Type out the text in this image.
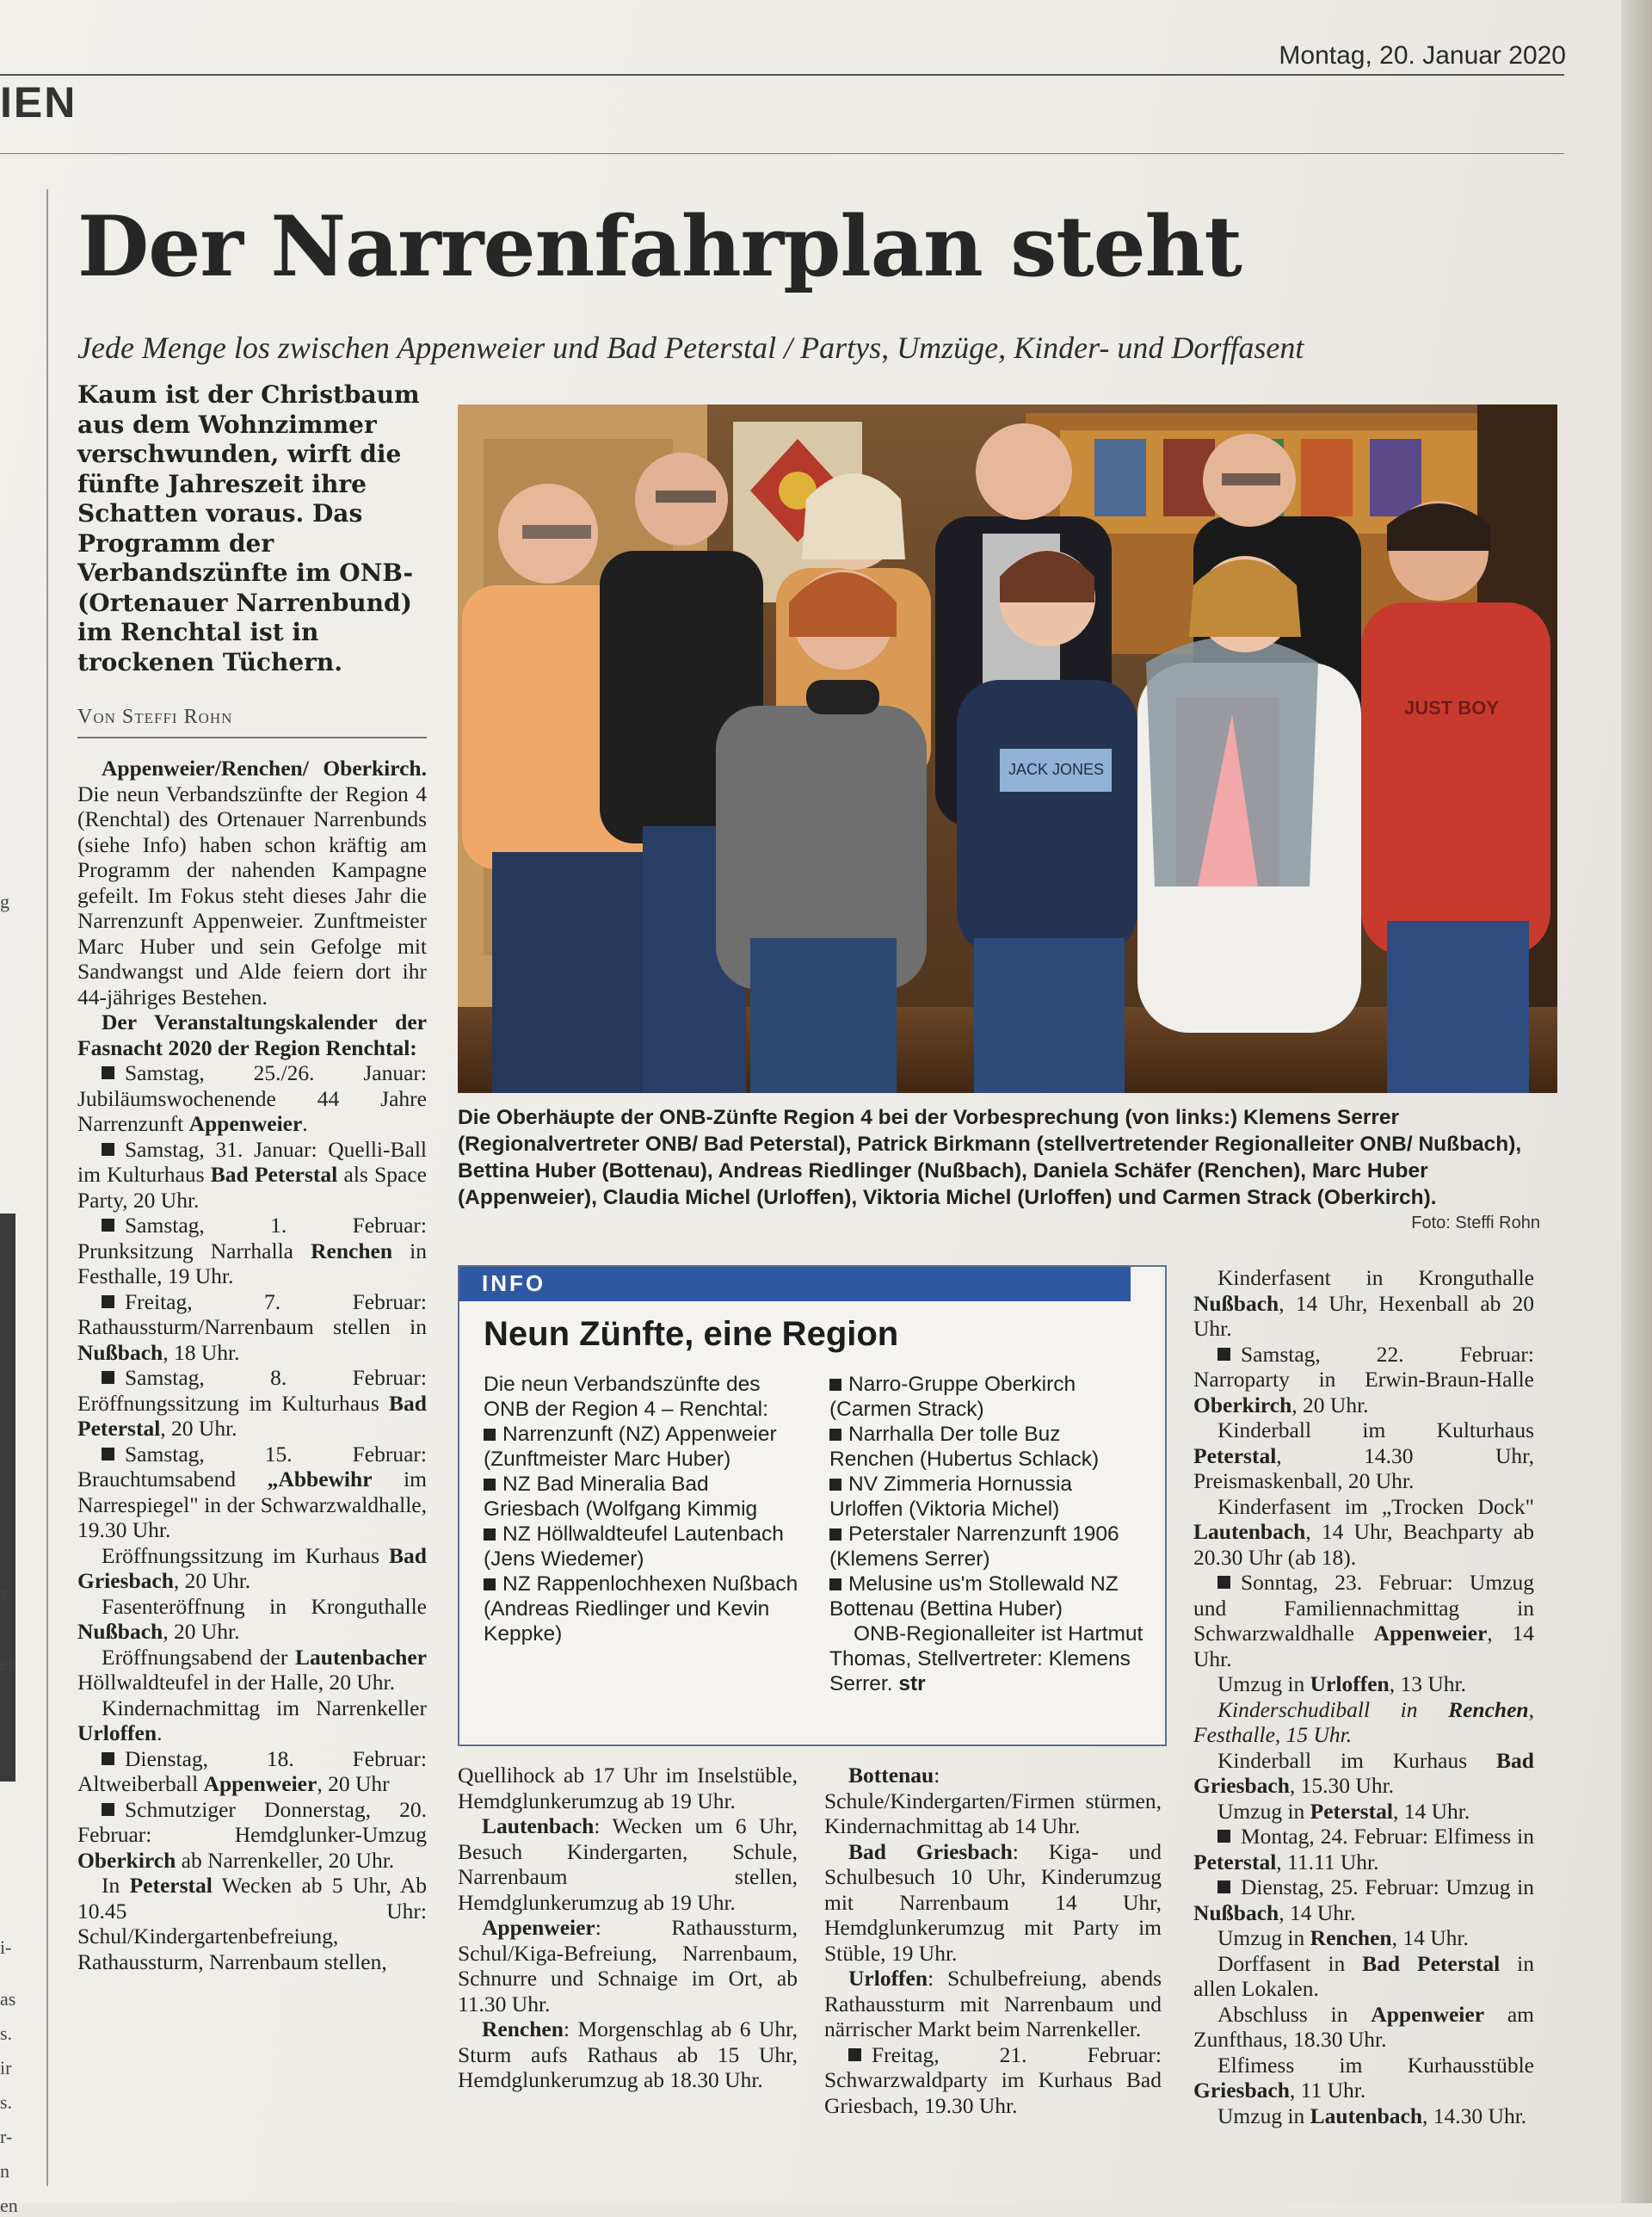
Montag, 20. Januar 2020
IEN
g
z
er
i-
as
s.
ir
s.
r-
n
en
Der Narrenfahrplan steht
Jede Menge los zwischen Appenweier und Bad Peterstal / Partys, Umzüge, Kinder- und Dorffasent
Kaum ist der Christbaum aus dem Wohnzimmer verschwunden, wirft die fünfte Jahreszeit ihre Schatten voraus. Das Programm der Verbandszünfte im ONB-(Ortenauer Narrenbund) im Renchtal ist in trockenen Tüchern.
Von Steffi Rohn

Appenweier/Renchen/ Oberkirch. Die neun Verbandszünfte der Region 4 (Renchtal) des Ortenauer Narrenbunds (siehe Info) haben schon kräftig am Programm der nahenden Kampagne gefeilt. Im Fokus steht dieses Jahr die Narrenzunft Appenweier. Zunftmeister Marc Huber und sein Gefolge mit Sandwangst und Alde feiern dort ihr 44-jähriges Bestehen.

Der Veranstaltungskalender der Fasnacht 2020 der Region Renchtal:

Samstag, 25./26. Januar: Jubiläumswochenende 44 Jahre Narrenzunft Appenweier.

Samstag, 31. Januar: Quelli-Ball im Kulturhaus Bad Peterstal als Space Party, 20 Uhr.

Samstag, 1. Februar: Prunksitzung Narrhalla Renchen in Festhalle, 19 Uhr.

Freitag, 7. Februar: Rathaussturm/Narrenbaum stellen in Nußbach, 18 Uhr.

Samstag, 8. Februar: Eröffnungssitzung im Kulturhaus Bad Peterstal, 20 Uhr.

Samstag, 15. Februar: Brauchtumsabend „Abbewihr im Narrespiegel" in der Schwarzwaldhalle, 19.30 Uhr.

Eröffnungssitzung im Kurhaus Bad Griesbach, 20 Uhr.

Fasenteröffnung in Kronguthalle Nußbach, 20 Uhr.

Eröffnungsabend der Lautenbacher Höllwaldteufel in der Halle, 20 Uhr.

Kindernachmittag im Narrenkeller Urloffen.

Dienstag, 18. Februar: Altweiberball Appenweier, 20 Uhr

Schmutziger Donnerstag, 20. Februar: Hemdglunker-Umzug Oberkirch ab Narrenkeller, 20 Uhr.

In Peterstal Wecken ab 5 Uhr, Ab 10.45 Uhr: Schul/Kindergartenbefreiung, Rathaussturm, Narrenbaum stellen,

JACK JONES
JUST BOY
Die Oberhäupte der ONB-Zünfte Region 4 bei der Vorbesprechung (von links:) Klemens Serrer (Regionalvertreter ONB/ Bad Peterstal), Patrick Birkmann (stellvertretender Regionalleiter ONB/ Nußbach), Bettina Huber (Bottenau), Andreas Riedlinger (Nußbach), Daniela Schäfer (Renchen), Marc Huber (Appenweier), Claudia Michel (Urloffen), Viktoria Michel (Urloffen) und Carmen Strack (Oberkirch).
Foto: Steffi Rohn
INFO
Neun Zünfte, eine Region

Die neun Verbandszünfte des ONB der Region 4 – Renchtal:

Narrenzunft (NZ) Appenweier (Zunftmeister Marc Huber)

NZ Bad Mineralia Bad Griesbach (Wolfgang Kimmig

NZ Höllwaldteufel Lautenbach (Jens Wiedemer)

NZ Rappenlochhexen Nußbach (Andreas Riedlinger und Kevin Keppke)

Narro-Gruppe Oberkirch (Carmen Strack)

Narrhalla Der tolle Buz Renchen (Hubertus Schlack)

NV Zimmeria Hornussia Urloffen (Viktoria Michel)

Peterstaler Narrenzunft 1906 (Klemens Serrer)

Melusine us'm Stollewald NZ Bottenau (Bettina Huber)

ONB-Regionalleiter ist Hartmut Thomas, Stellvertreter: Klemens Serrer. str

Quellihock ab 17 Uhr im Inselstüble, Hemdglunkerumzug ab 19 Uhr.

Lautenbach: Wecken um 6 Uhr, Besuch Kindergarten, Schule, Narrenbaum stellen, Hemdglunkerumzug ab 19 Uhr.

Appenweier: Rathaussturm, Schul/Kiga-Befreiung, Narrenbaum, Schnurre und Schnaige im Ort, ab 11.30 Uhr.

Renchen: Morgenschlag ab 6 Uhr, Sturm aufs Rathaus ab 15 Uhr, Hemdglunkerumzug ab 18.30 Uhr.

Bottenau: Schule/Kindergarten/Firmen stürmen, Kindernachmittag ab 14 Uhr.

Bad Griesbach: Kiga- und Schulbesuch 10 Uhr, Kinderumzug mit Narrenbaum 14 Uhr, Hemdglunkerumzug mit Party im Stüble, 19 Uhr.

Urloffen: Schulbefreiung, abends Rathaussturm mit Narrenbaum und närrischer Markt beim Narrenkeller.

Freitag, 21. Februar: Schwarzwaldparty im Kurhaus Bad Griesbach, 19.30 Uhr.

Kinderfasent in Kronguthalle Nußbach, 14 Uhr, Hexenball ab 20 Uhr.

Samstag, 22. Februar: Narroparty in Erwin-Braun-Halle Oberkirch, 20 Uhr.

Kinderball im Kulturhaus Peterstal, 14.30 Uhr, Preismaskenball, 20 Uhr.

Kinderfasent im „Trocken Dock" Lautenbach, 14 Uhr, Beachparty ab 20.30 Uhr (ab 18).

Sonntag, 23. Februar: Umzug und Familiennachmittag in Schwarzwaldhalle Appenweier, 14 Uhr.

Umzug in Urloffen, 13 Uhr.

Kinderschudiball in Renchen, Festhalle, 15 Uhr.

Kinderball im Kurhaus Bad Griesbach, 15.30 Uhr.

Umzug in Peterstal, 14 Uhr.

Montag, 24. Februar: Elfimess in Peterstal, 11.11 Uhr.

Dienstag, 25. Februar: Umzug in Nußbach, 14 Uhr.

Umzug in Renchen, 14 Uhr.

Dorffasent in Bad Peterstal in allen Lokalen.

Abschluss in Appenweier am Zunfthaus, 18.30 Uhr.

Elfimess im Kurhausstüble Griesbach, 11 Uhr.

Umzug in Lautenbach, 14.30 Uhr.
